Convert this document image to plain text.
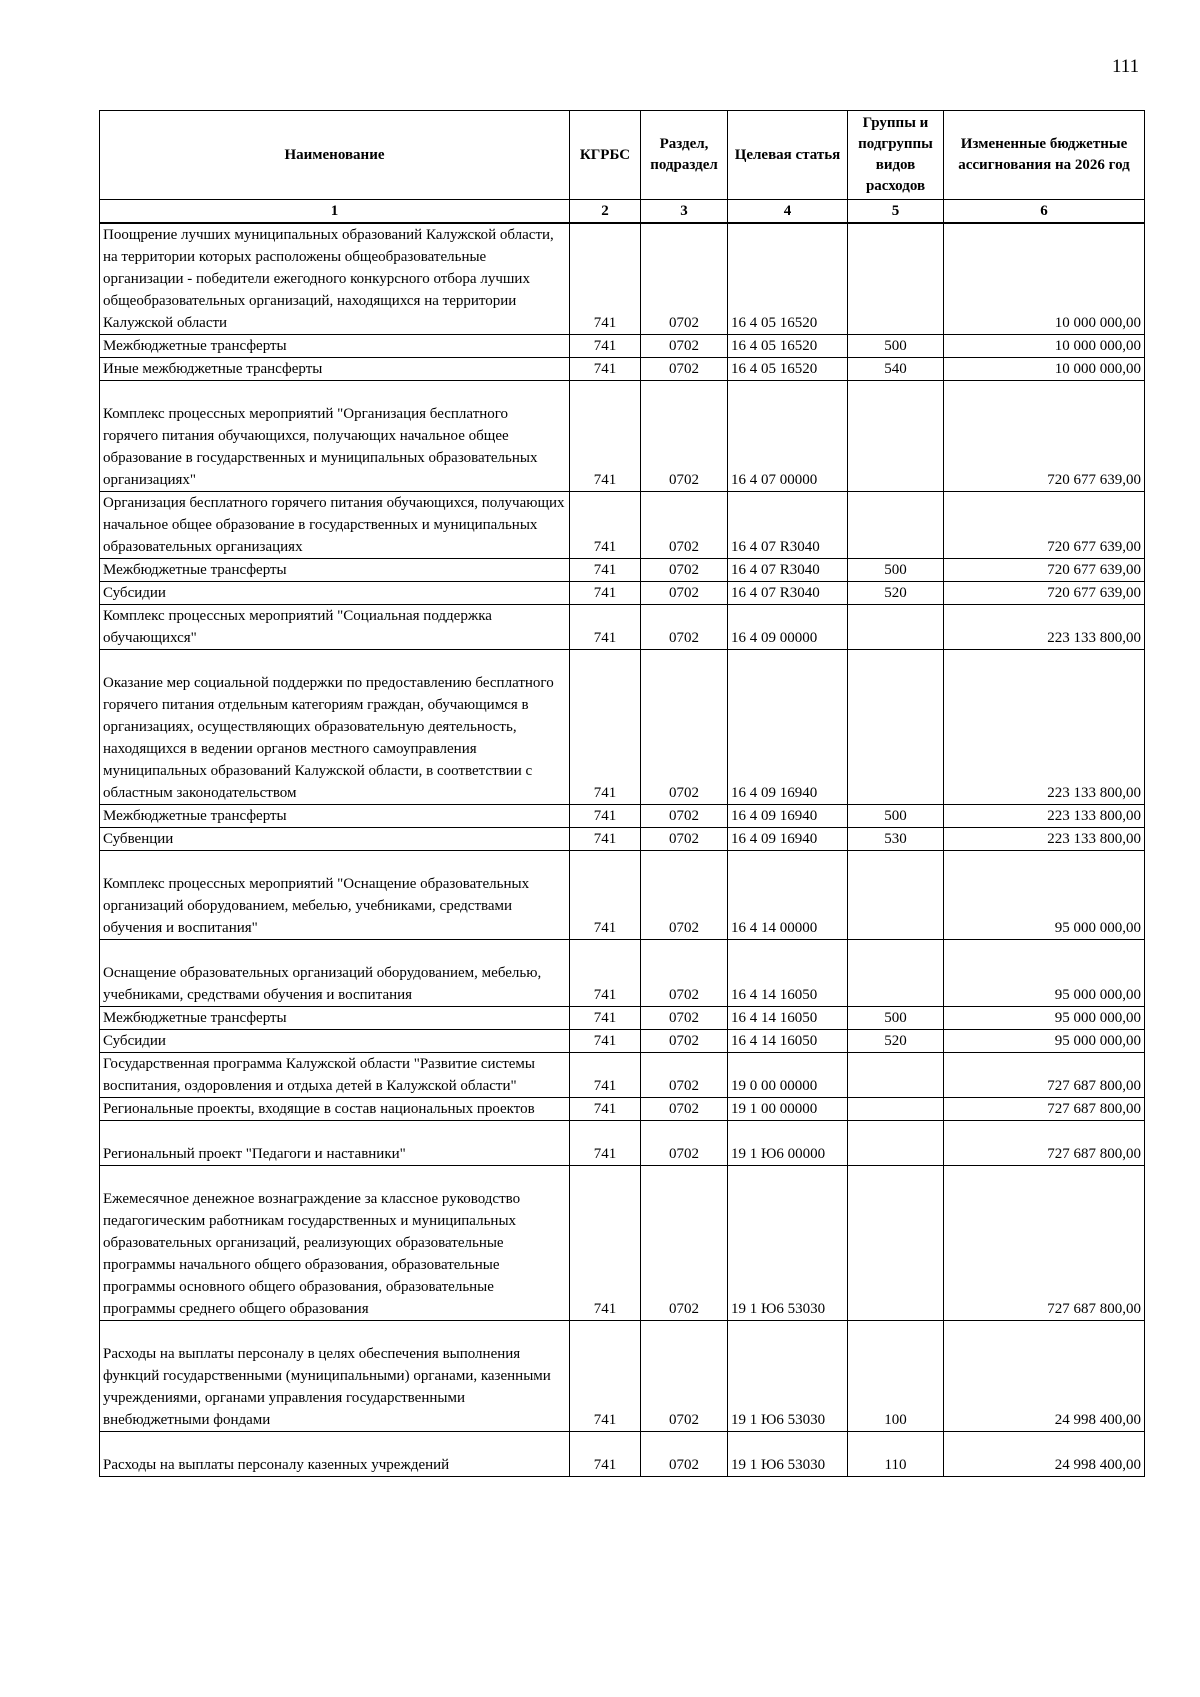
111
Наименование	КГРБС	Раздел, подраздел	Целевая статья	Группы и подгруппы видов расходов	Измененные бюджетные ассигнования на 2026 год
1	2	3	4	5	6
Поощрение лучших муниципальных образований Калужской области, на территории которых расположены общеобразовательные организации - победители ежегодного конкурсного отбора лучших общеобразовательных организаций, находящихся на территории Калужской области	741	0702	16 4 05 16520		10 000 000,00
Межбюджетные трансферты	741	0702	16 4 05 16520	500	10 000 000,00
Иные межбюджетные трансферты	741	0702	16 4 05 16520	540	10 000 000,00

Комплекс процессных мероприятий "Организация бесплатного горячего питания обучающихся, получающих начальное общее образование в государственных и муниципальных образовательных организациях"	741	0702	16 4 07 00000		720 677 639,00
Организация бесплатного горячего питания обучающихся, получающих начальное общее образование в государственных и муниципальных образовательных организациях	741	0702	16 4 07 R3040		720 677 639,00
Межбюджетные трансферты	741	0702	16 4 07 R3040	500	720 677 639,00
Субсидии	741	0702	16 4 07 R3040	520	720 677 639,00
Комплекс процессных мероприятий "Социальная поддержка обучающихся"	741	0702	16 4 09 00000		223 133 800,00

Оказание мер социальной поддержки по предоставлению бесплатного горячего питания отдельным категориям граждан, обучающимся в организациях, осуществляющих образовательную деятельность, находящихся в ведении органов местного самоуправления муниципальных образований Калужской области, в соответствии с областным законодательством	741	0702	16 4 09 16940		223 133 800,00
Межбюджетные трансферты	741	0702	16 4 09 16940	500	223 133 800,00
Субвенции	741	0702	16 4 09 16940	530	223 133 800,00

Комплекс процессных мероприятий "Оснащение образовательных организаций оборудованием, мебелью, учебниками, средствами обучения и воспитания"	741	0702	16 4 14 00000		95 000 000,00

Оснащение образовательных организаций оборудованием, мебелью, учебниками, средствами обучения и воспитания	741	0702	16 4 14 16050		95 000 000,00
Межбюджетные трансферты	741	0702	16 4 14 16050	500	95 000 000,00
Субсидии	741	0702	16 4 14 16050	520	95 000 000,00
Государственная программа Калужской области "Развитие системы воспитания, оздоровления и отдыха детей в Калужской области"	741	0702	19 0 00 00000		727 687 800,00
Региональные проекты, входящие в состав национальных проектов	741	0702	19 1 00 00000		727 687 800,00

Региональный проект "Педагоги и наставники"	741	0702	19 1 Ю6 00000		727 687 800,00

Ежемесячное денежное вознаграждение за классное руководство педагогическим работникам государственных и муниципальных образовательных организаций, реализующих образовательные программы начального общего образования, образовательные программы основного общего образования, образовательные программы среднего общего образования	741	0702	19 1 Ю6 53030		727 687 800,00

Расходы на выплаты персоналу в целях обеспечения выполнения функций государственными (муниципальными) органами, казенными учреждениями, органами управления государственными внебюджетными фондами	741	0702	19 1 Ю6 53030	100	24 998 400,00

Расходы на выплаты персоналу казенных учреждений	741	0702	19 1 Ю6 53030	110	24 998 400,00
